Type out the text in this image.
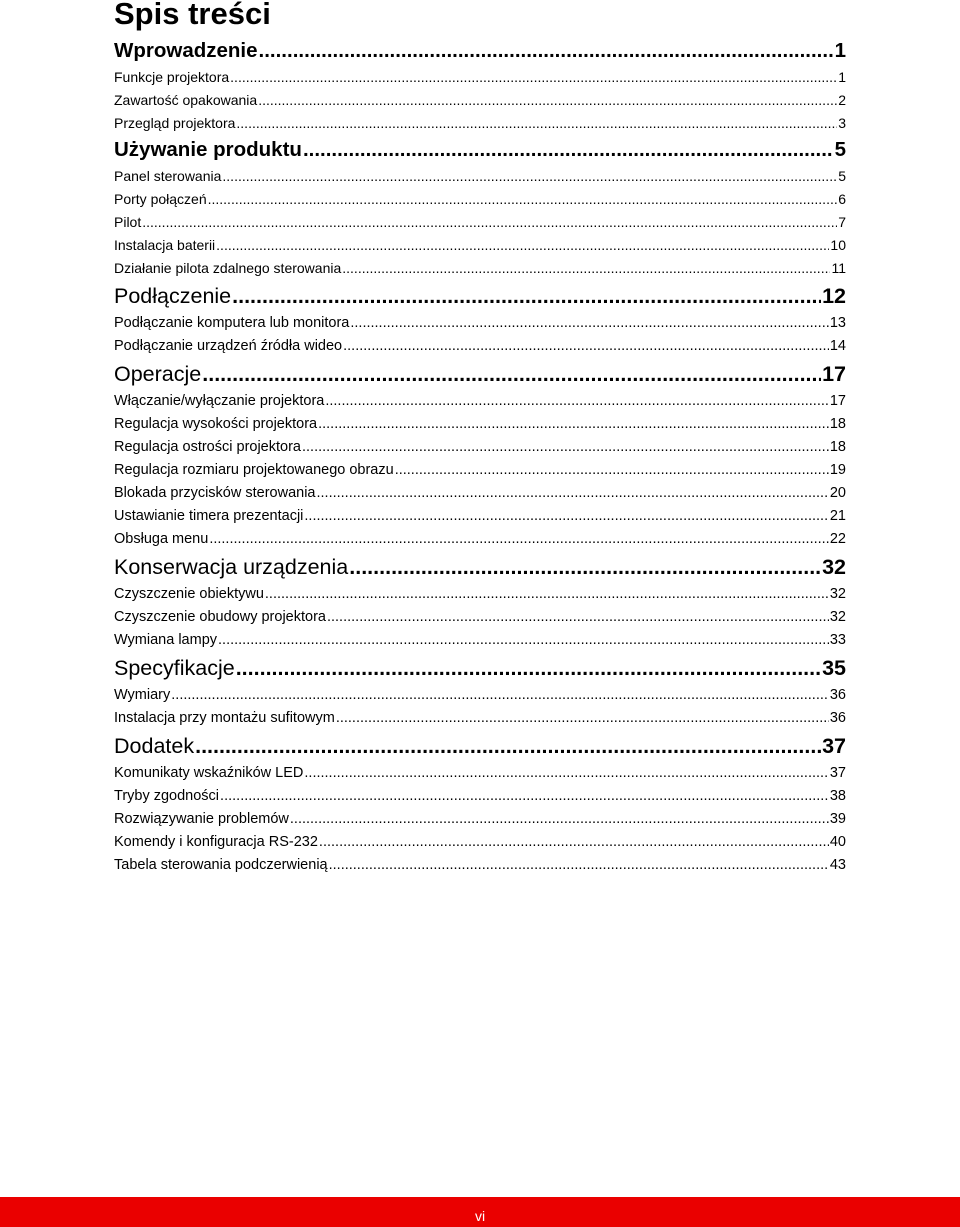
Spis treści
Wprowadzenie .....	1
Funkcje projektora .....	1
Zawartość opakowania .....	2
Przegląd projektora .....	3
Używanie produktu .....	5
Panel sterowania .....	5
Porty połączeń .....	6
Pilot .....	7
Instalacja baterii .....	10
Działanie pilota zdalnego sterowania .....	11
Podłączenie .....	12
Podłączanie komputera lub monitora .....	13
Podłączanie urządzeń źródła wideo .....	14
Operacje .....	17
Włączanie/wyłączanie projektora .....	17
Regulacja wysokości projektora .....	18
Regulacja ostrości projektora .....	18
Regulacja rozmiaru projektowanego obrazu .....	19
Blokada przycisków sterowania .....	20
Ustawianie timera prezentacji .....	21
Obsługa menu .....	22
Konserwacja urządzenia .....	32
Czyszczenie obiektywu .....	32
Czyszczenie obudowy projektora .....	32
Wymiana lampy .....	33
Specyfikacje .....	35
Wymiary .....	36
Instalacja przy montażu sufitowym .....	36
Dodatek .....	37
Komunikaty wskaźników LED .....	37
Tryby zgodności .....	38
Rozwiązywanie problemów .....	39
Komendy i konfiguracja RS-232 .....	40
Tabela sterowania podczerwienią .....	43
vi
